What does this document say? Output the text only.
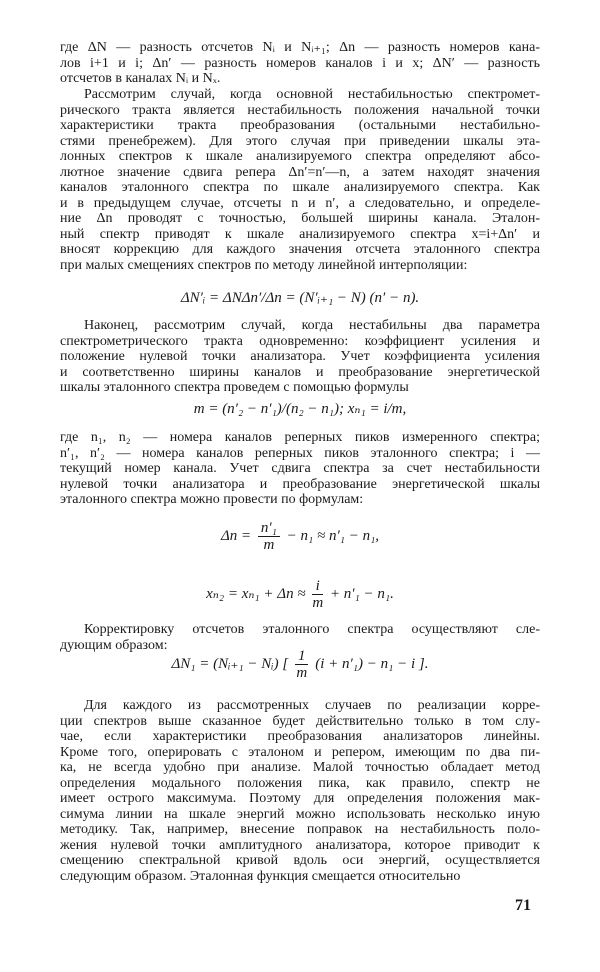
где ΔN — разность отсчетов Nᵢ и Nᵢ₊₁; Δn — разность номеров кана-
лов i+1 и i; Δn′ — разность номеров каналов i и x; ΔN′ — разность
отсчетов в каналах Nᵢ и Nₓ.
Рассмотрим случай, когда основной нестабильностью спектромет-
рического тракта является нестабильность положения начальной точки
характеристики тракта преобразования (остальными нестабильно-
стями пренебрежем). Для этого случая при приведении шкалы эта-
лонных спектров к шкале анализируемого спектра определяют абсо-
лютное значение сдвига репера Δn′=n′—n, а затем находят значения
каналов эталонного спектра по шкале анализируемого спектра. Как
и в предыдущем случае, отсчеты n и n′, а следовательно, и определе-
ние Δn проводят с точностью, большей ширины канала. Эталон-
ный спектр приводят к шкале анализируемого спектра x=i+Δn′ и
вносят коррекцию для каждого значения отсчета эталонного спектра
при малых смещениях спектров по методу линейной интерполяции:
ΔN′ᵢ = ΔNΔn′/Δn = (N′ᵢ₊₁ − N) (n′ − n).
Наконец, рассмотрим случай, когда нестабильны два параметра
спектрометрического тракта одновременно: коэффициент усиления и
положение нулевой точки анализатора. Учет коэффициента усиления
и соответственно ширины каналов и преобразование энергетической
шкалы эталонного спектра проведем с помощью формулы
m = (n′₂ − n′₁)/(n₂ − n₁); xₙ₁ = i/m,
где n₁, n₂ — номера каналов реперных пиков измеренного спектра;
n′₁, n′₂ — номера каналов реперных пиков эталонного спектра; i —
текущий номер канала. Учет сдвига спектра за счет нестабильности
нулевой точки анализатора и преобразование энергетической шкалы
эталонного спектра можно провести по формулам:
$\Delta n = \frac{\text{n′₁}}{m} - n_1 \approx n'_1 - n_1$,
$x_{n2} = x_{n1} + \Delta n \approx \frac{i}{m} + n'_1 - n_1$.
Корректировку отсчетов эталонного спектра осуществляют сле-
дующим образом:
ΔN₁ = (Nᵢ₊₁ − Nᵢ) [ $\frac{1}{m} (i + n'_1) - n_1 - i$ ].
Для каждого из рассмотренных случаев по реализации корре-
ции спектров выше сказанное будет действительно только в том слу-
чае, если характеристики преобразования анализаторов линейны.
Кроме того, оперировать с эталоном и репером, имеющим по два пи-
ка, не всегда удобно при анализе. Малой точностью обладает метод
определения модального положения пика, как правило, спектр не
имеет острого максимума. Поэтому для определения положения мак-
симума линии на шкале энергий можно использовать несколько иную
методику. Так, например, внесение поправок на нестабильность поло-
жения нулевой точки амплитудного анализатора, которое приводит к
смещению спектральной кривой вдоль оси энергий, осуществляется
следующим образом. Эталонная функция смещается относительно
71
